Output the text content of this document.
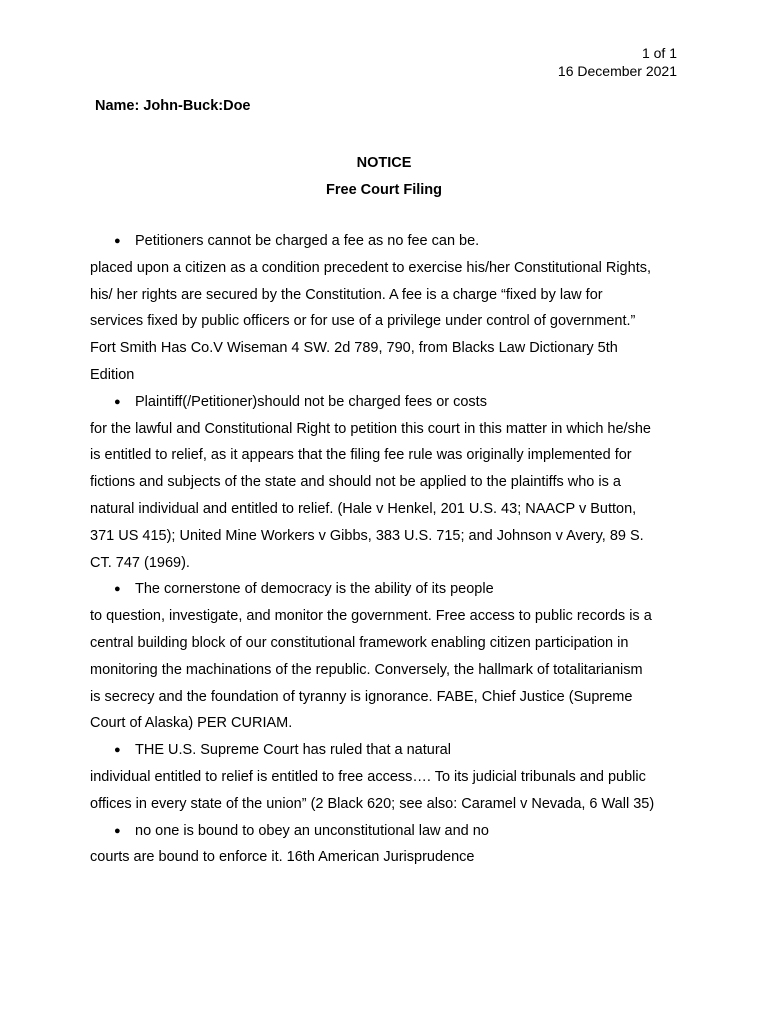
1 of 1
16 December 2021
Name: John-Buck:Doe
NOTICE
Free Court Filing
● Petitioners cannot be charged a fee as no fee can be.
placed upon a citizen as a condition precedent to exercise his/her Constitutional Rights,
his/ her rights are secured by the Constitution. A fee is a charge “fixed by law for
services fixed by public officers or for use of a privilege under control of government.”
Fort Smith Has Co.V Wiseman 4 SW. 2d 789, 790, from Blacks Law Dictionary 5th
Edition
● Plaintiff(/Petitioner)should not be charged fees or costs
for the lawful and Constitutional Right to petition this court in this matter in which he/she
is entitled to relief, as it appears that the filing fee rule was originally implemented for
fictions and subjects of the state and should not be applied to the plaintiffs who is a
natural individual and entitled to relief. (Hale v Henkel, 201 U.S. 43; NAACP v Button,
371 US 415); United Mine Workers v Gibbs, 383 U.S. 715; and Johnson v Avery, 89 S.
CT. 747 (1969).
● The cornerstone of democracy is the ability of its people
to question, investigate, and monitor the government. Free access to public records is a
central building block of our constitutional framework enabling citizen participation in
monitoring the machinations of the republic. Conversely, the hallmark of totalitarianism
is secrecy and the foundation of tyranny is ignorance. FABE, Chief Justice (Supreme
Court of Alaska) PER CURIAM.
● THE U.S. Supreme Court has ruled that a natural
individual entitled to relief is entitled to free access…. To its judicial tribunals and public
offices in every state of the union” (2 Black 620; see also: Caramel v Nevada, 6 Wall 35)
● no one is bound to obey an unconstitutional law and no
courts are bound to enforce it. 16th American Jurisprudence
